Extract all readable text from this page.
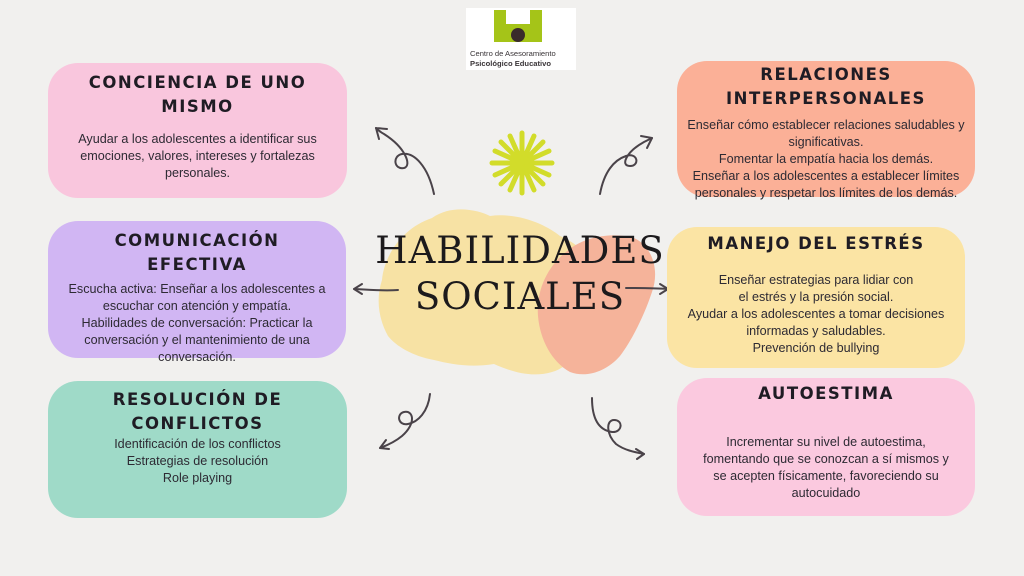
Centro de Asesoramiento
Psicológico Educativo
HABILIDADES
SOCIALES
CONCIENCIA DE UNO MISMO
Ayudar a los adolescentes a identificar sus
emociones, valores, intereses y fortalezas
personales.
COMUNICACIÓN
EFECTIVA
Escucha activa: Enseñar a los adolescentes a
escuchar con atención y empatía.
Habilidades de conversación: Practicar la
conversación y el mantenimiento de una
conversación.
RESOLUCIÓN DE
CONFLICTOS
Identificación de los conflictos
Estrategias de resolución
Role playing
RELACIONES
INTERPERSONALES
Enseñar cómo establecer relaciones saludables y
significativas.
Fomentar la empatía hacia los demás.
Enseñar a los adolescentes a establecer límites
personales y respetar los límites de los demás.
MANEJO DEL ESTRÉS
Enseñar estrategias para lidiar con
el estrés y la presión social.
Ayudar a los adolescentes a tomar decisiones
informadas y saludables.
Prevención de bullying
AUTOESTIMA
Incrementar su nivel de autoestima,
fomentando que se conozcan a sí mismos y
se acepten físicamente, favoreciendo su
autocuidado
